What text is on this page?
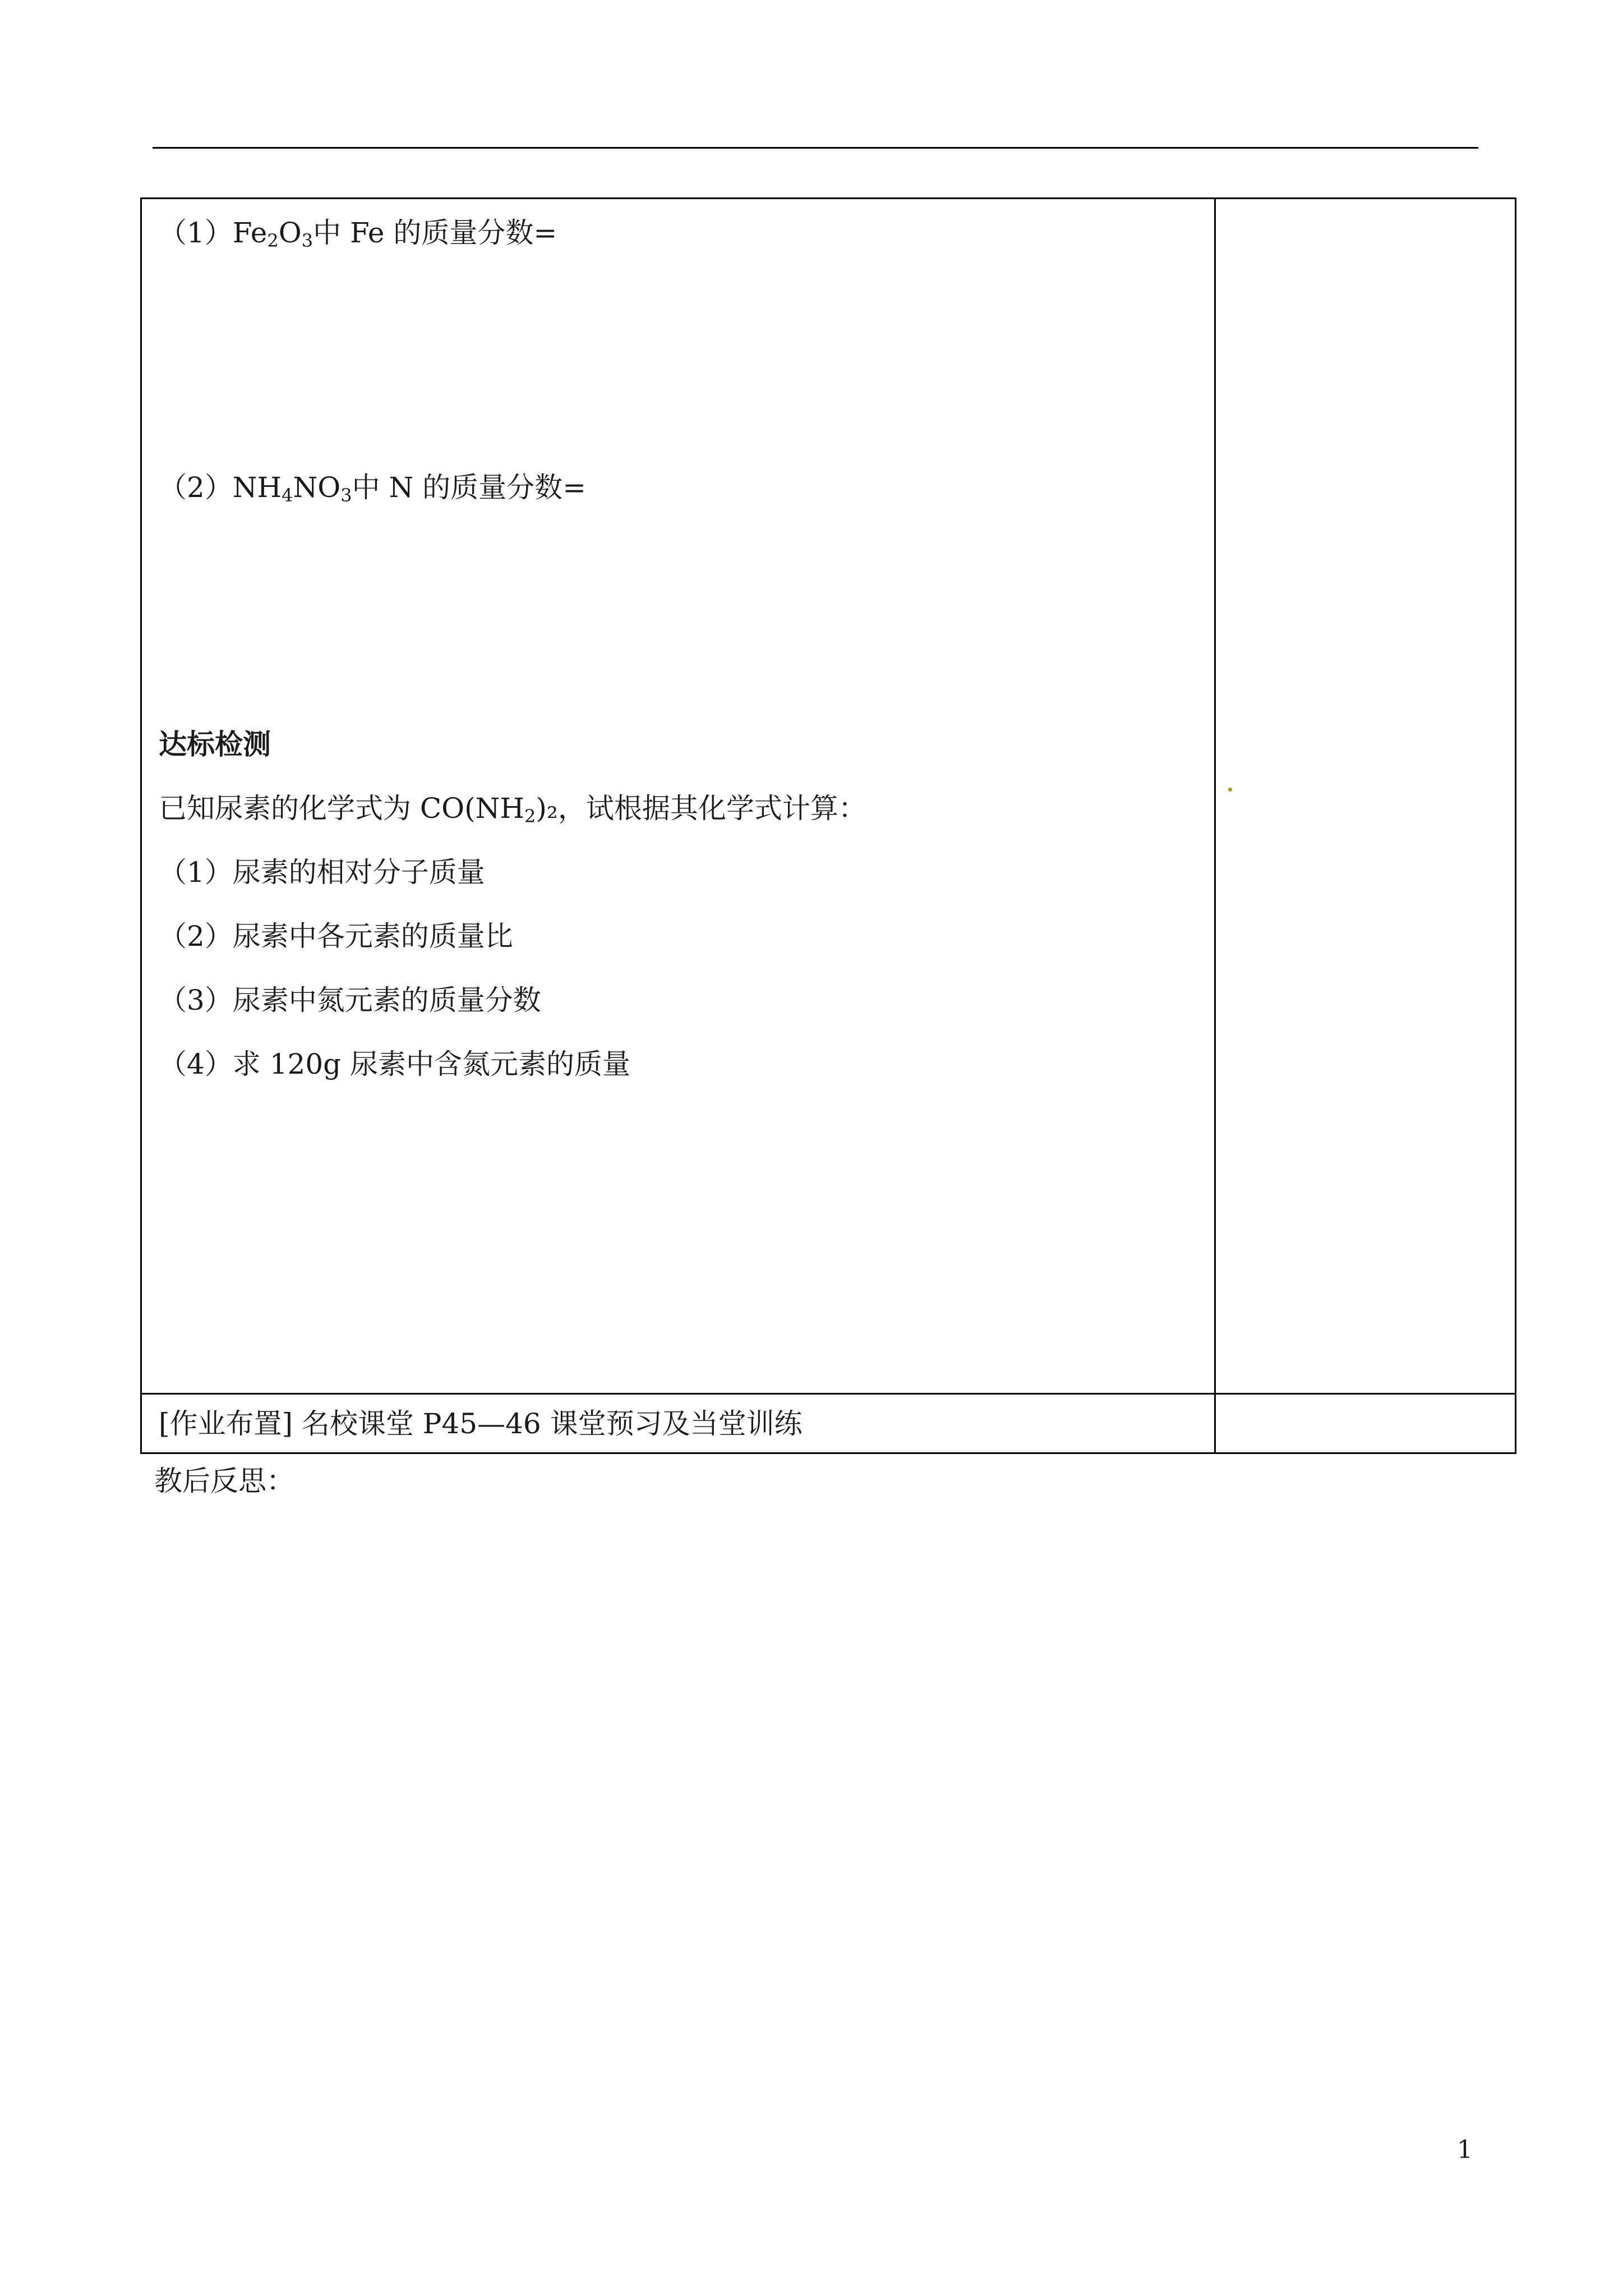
$(1)Fe_2O_3$中 Fe 的质量分数=
$(2)NH_4NO_3$中 N 的质量分数=
达标检测
已知尿素的化学式为 $CO(NH_2)_2$，试根据其化学式计算：
（1）尿素的相对分子质量
（2）尿素中各元素的质量比
（3）尿素中氮元素的质量分数
（4）求 120g 尿素中含氮元素的质量
[作业布置] 名校课堂 P45—46 课堂预习及当堂训练
教后反思：
1
